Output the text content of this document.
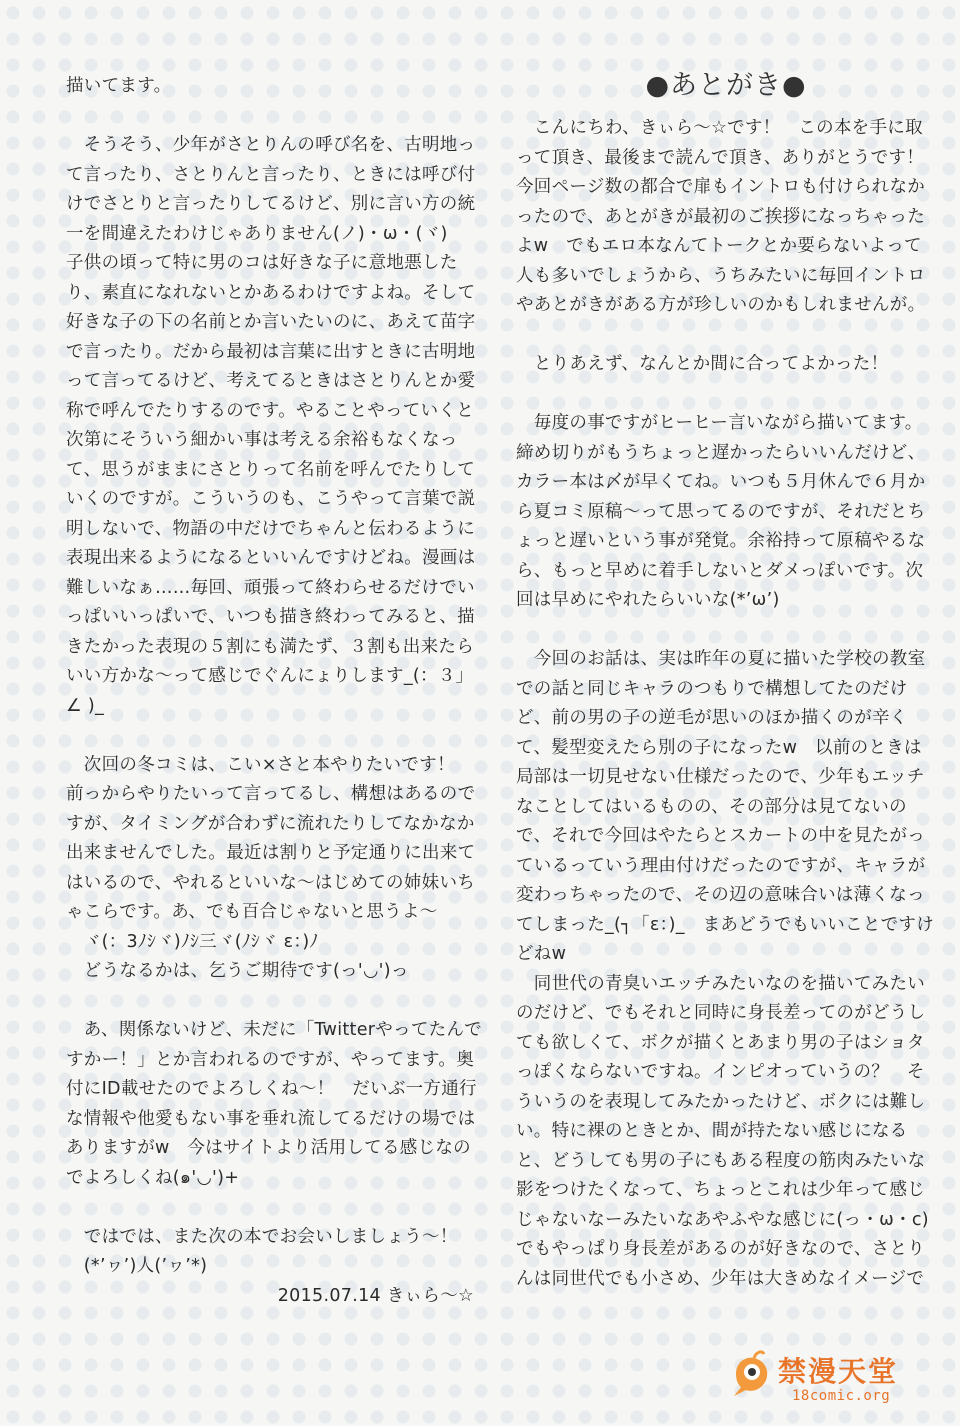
描いてます。

　そうそう、少年がさとりんの呼び名を、古明地って言ったり、さとりんと言ったり、ときには呼び付けでさとりと言ったりしてるけど、別に言い方の統一を間違えたわけじゃありません(ノ)・ω・(ヾ)
子供の頃って特に男のコは好きな子に意地悪したり、素直になれないとかあるわけですよね。そして好きな子の下の名前とか言いたいのに、あえて苗字で言ったり。だから最初は言葉に出すときに古明地って言ってるけど、考えてるときはさとりんとか愛称で呼んでたりするのです。やることやっていくと次第にそういう細かい事は考える余裕もなくなって、思うがままにさとりって名前を呼んでたりしていくのですが。こういうのも、こうやって言葉で説明しないで、物語の中だけでちゃんと伝わるように表現出来るようになるといいんですけどね。漫画は難しいなぁ……毎回、頑張って終わらせるだけでいっぱいいっぱいで、いつも描き終わってみると、描きたかった表現の５割にも満たず、３割も出来たらいい方かな～って感じでぐんにょりします_(：３」∠ )_

　次回の冬コミは、こい×さと本やりたいです！　前っからやりたいって言ってるし、構想はあるのですが、タイミングが合わずに流れたりしてなかなか出来ませんでした。最近は割りと予定通りに出来てはいるので、やれるといいな～はじめての姉妹いちゃこらです。あ、でも百合じゃないと思うよ～
　ヾ(：3ﾉｼヾ)ﾉｼ三ヾ(ﾉｼヾ ε：)ﾉ
　どうなるかは、乞うご期待です(っ'◡')っ

　あ、関係ないけど、未だに「Twitterやってたんですかー！」とか言われるのですが、やってます。奥付にID載せたのでよろしくね～！　だいぶ一方通行な情報や他愛もない事を垂れ流してるだけの場ではありますがw　今はサイトより活用してる感じなのでよろしくね(๑'◡')+

　ではでは、また次の本でお会いしましょう～！
　(*’ヮ’)人(’ヮ’*)

2015.07.14 きぃら～☆

●あとがき●

　こんにちわ、きぃら～☆です！　この本を手に取って頂き、最後まで読んで頂き、ありがとうです！今回ページ数の都合で扉もイントロも付けられなかったので、あとがきが最初のご挨拶になっちゃったよw　でもエロ本なんてトークとか要らないよって人も多いでしょうから、うちみたいに毎回イントロやあとがきがある方が珍しいのかもしれませんが。

　とりあえず、なんとか間に合ってよかった！

　毎度の事ですがヒーヒー言いながら描いてます。締め切りがもうちょっと遅かったらいいんだけど、カラー本は〆が早くてね。いつも５月休んで６月から夏コミ原稿～って思ってるのですが、それだとちょっと遅いという事が発覚。余裕持って原稿やるなら、もっと早めに着手しないとダメっぽいです。次回は早めにやれたらいいな(*’ω’)

　今回のお話は、実は昨年の夏に描いた学校の教室での話と同じキャラのつもりで構想してたのだけど、前の男の子の逆毛が思いのほか描くのが辛くて、髪型変えたら別の子になったw　以前のときは局部は一切見せない仕様だったので、少年もエッチなことしてはいるものの、その部分は見てないので、それで今回はやたらとスカートの中を見たがっているっていう理由付けだったのですが、キャラが変わっちゃったので、その辺の意味合いは薄くなってしまった_(┐「ε：)_　まあどうでもいいことですけどねw

　同世代の青臭いエッチみたいなのを描いてみたいのだけど、でもそれと同時に身長差ってのがどうしても欲しくて、ボクが描くとあまり男の子はショタっぽくならないですね。インピオっていうの？　そういうのを表現してみたかったけど、ボクには難しい。特に裸のときとか、間が持たない感じになると、どうしても男の子にもある程度の筋肉みたいな影をつけたくなって、ちょっとこれは少年って感じじゃないなーみたいなあやふやな感じに(っ・ω・c)
でもやっぱり身長差があるのが好きなので、さとりんは同世代でも小さめ、少年は大きめなイメージで

禁漫天堂
18comic.org
